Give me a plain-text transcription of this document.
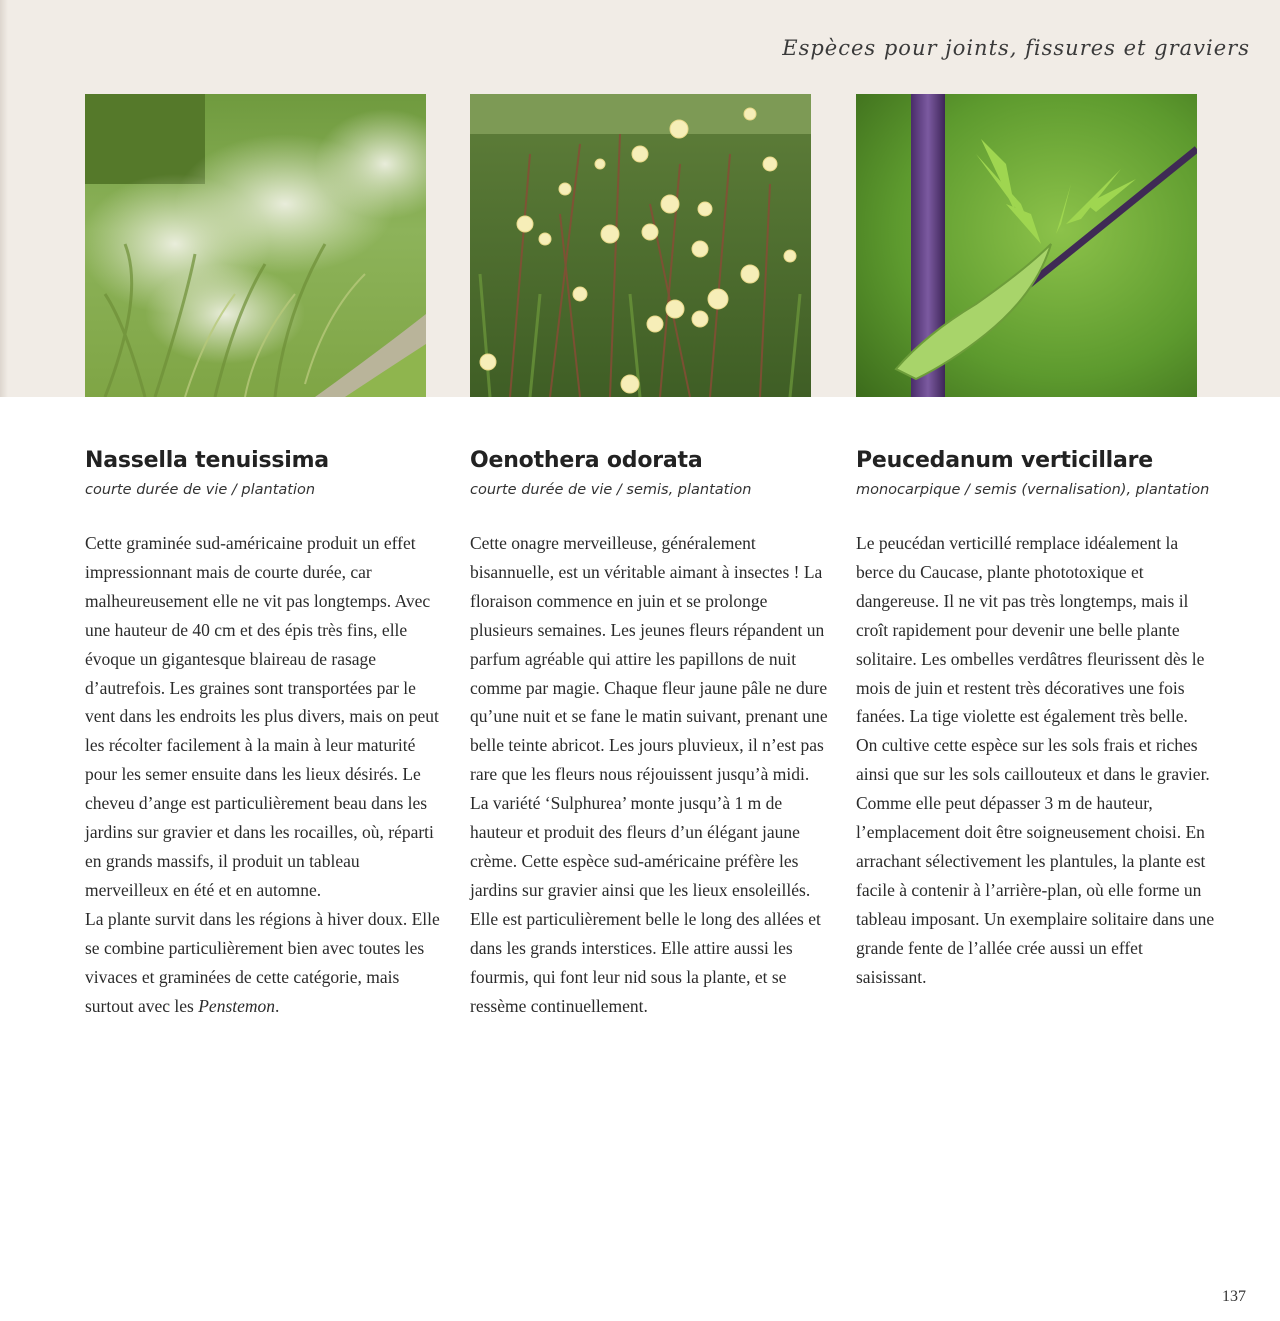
Espèces pour joints, fissures et graviers
Nassella tenuissima
courte durée de vie / plantation

Cette graminée sud-américaine produit un effet impressionnant mais de courte durée, car malheureusement elle ne vit pas longtemps. Avec une hauteur de 40 cm et des épis très fins, elle évoque un gigantesque blaireau de rasage d’autrefois. Les graines sont transportées par le vent dans les endroits les plus divers, mais on peut les récolter facilement à la main à leur maturité pour les semer ensuite dans les lieux désirés. Le cheveu d’ange est particulièrement beau dans les jardins sur gravier et dans les rocailles, où, réparti en grands massifs, il produit un tableau merveilleux en été et en automne.

La plante survit dans les régions à hiver doux. Elle se combine particulièrement bien avec toutes les vivaces et graminées de cette catégorie, mais surtout avec les Penstemon.

Oenothera odorata
courte durée de vie / semis, plantation

Cette onagre merveilleuse, généralement bisannuelle, est un véritable aimant à insectes ! La floraison commence en juin et se prolonge plusieurs semaines. Les jeunes fleurs répandent un parfum agréable qui attire les papillons de nuit comme par magie. Chaque fleur jaune pâle ne dure qu’une nuit et se fane le matin suivant, prenant une belle teinte abricot. Les jours pluvieux, il n’est pas rare que les fleurs nous réjouissent jusqu’à midi. La variété ‘Sulphurea’ monte jusqu’à 1 m de hauteur et produit des fleurs d’un élégant jaune crème. Cette espèce sud-américaine préfère les jardins sur gravier ainsi que les lieux ensoleillés. Elle est particulièrement belle le long des allées et dans les grands interstices. Elle attire aussi les fourmis, qui font leur nid sous la plante, et se ressème continuellement.

Peucedanum verticillare
monocarpique / semis (vernalisation), plantation

Le peucédan verticillé remplace idéalement la berce du Caucase, plante phototoxique et dangereuse. Il ne vit pas très longtemps, mais il croît rapidement pour devenir une belle plante solitaire. Les ombelles verdâtres fleurissent dès le mois de juin et restent très décoratives une fois fanées. La tige violette est également très belle.

On cultive cette espèce sur les sols frais et riches ainsi que sur les sols caillouteux et dans le gravier. Comme elle peut dépasser 3 m de hauteur, l’emplacement doit être soigneusement choisi. En arrachant sélectivement les plantules, la plante est facile à contenir à l’arrière-plan, où elle forme un tableau imposant. Un exemplaire solitaire dans une grande fente de l’allée crée aussi un effet saisissant.

137
